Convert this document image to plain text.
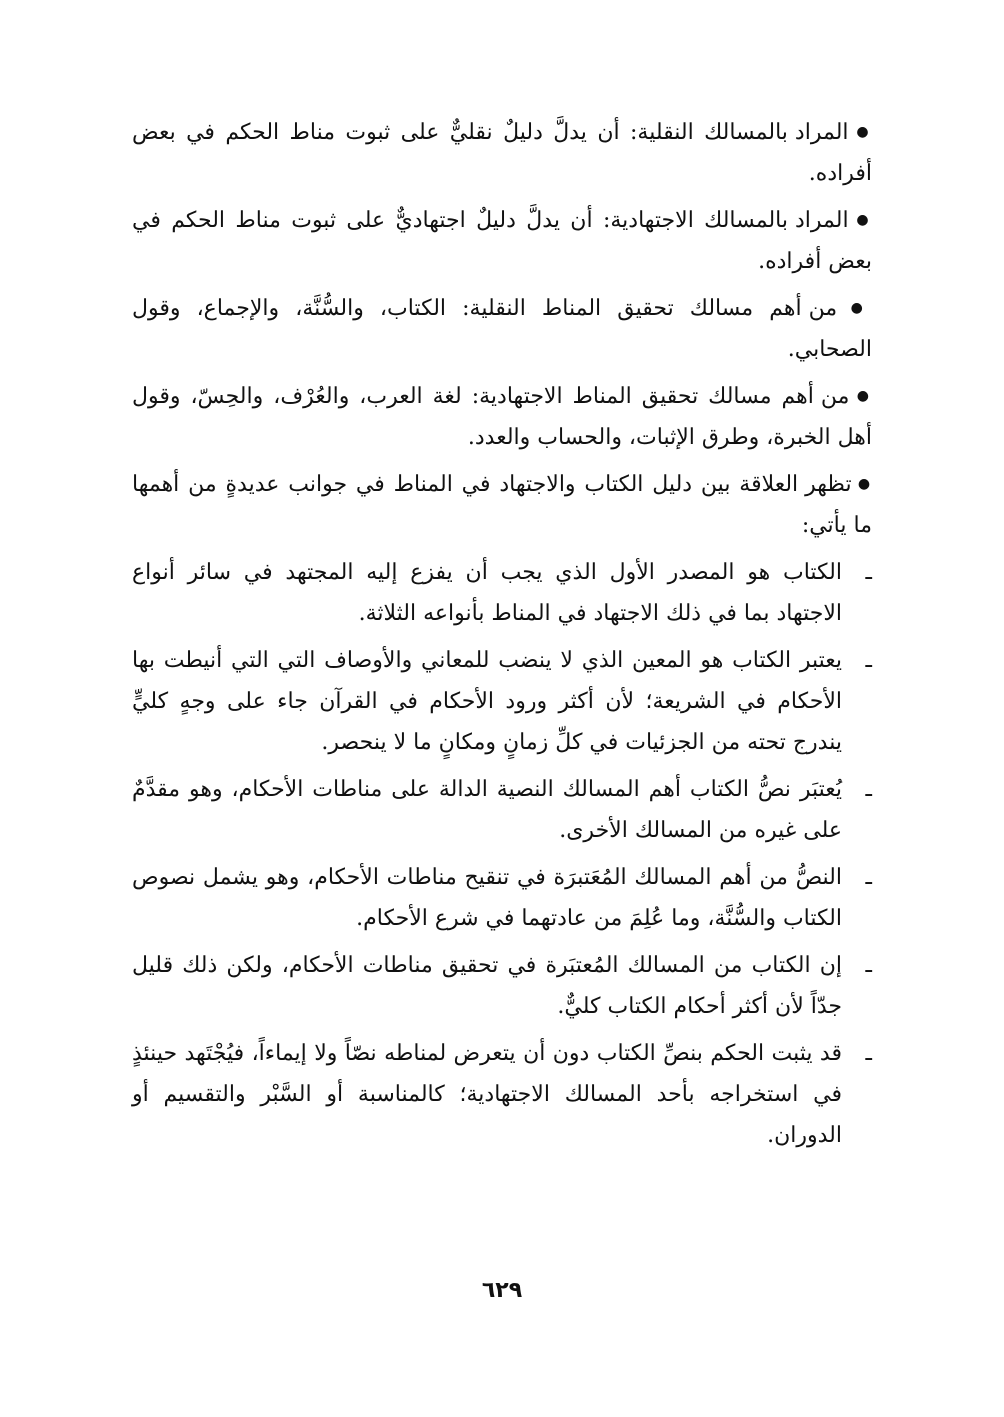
● المراد بالمسالك النقلية: أن يدلَّ دليلٌ نقليٌّ على ثبوت مناط الحكم في بعض أفراده.

● المراد بالمسالك الاجتهادية: أن يدلَّ دليلٌ اجتهاديٌّ على ثبوت مناط الحكم في بعض أفراده.

● من أهم مسالك تحقيق المناط النقلية: الكتاب، والسُّنَّة، والإجماع، وقول الصحابي.

● من أهم مسالك تحقيق المناط الاجتهادية: لغة العرب، والعُرْف، والحِسّ، وقول أهل الخبرة، وطرق الإثبات، والحساب والعدد.

● تظهر العلاقة بين دليل الكتاب والاجتهاد في المناط في جوانب عديدةٍ من أهمها ما يأتي:

ـ
الكتاب هو المصدر الأول الذي يجب أن يفزع إليه المجتهد في سائر أنواع الاجتهاد بما في ذلك الاجتهاد في المناط بأنواعه الثلاثة.
ـ
يعتبر الكتاب هو المعين الذي لا ينضب للمعاني والأوصاف التي التي أنيطت بها الأحكام في الشريعة؛ لأن أكثر ورود الأحكام في القرآن جاء على وجهٍ كليٍّ يندرج تحته من الجزئيات في كلِّ زمانٍ ومكانٍ ما لا ينحصر.
ـ
يُعتبَر نصُّ الكتاب أهم المسالك النصية الدالة على مناطات الأحكام، وهو مقدَّمٌ على غيره من المسالك الأخرى.
ـ
النصُّ من أهم المسالك المُعَتبرَة في تنقيح مناطات الأحكام، وهو يشمل نصوص الكتاب والسُّنَّة، وما عُلِمَ من عادتهما في شرع الأحكام.
ـ
إن الكتاب من المسالك المُعتبَرة في تحقيق مناطات الأحكام، ولكن ذلك قليل جدّاً لأن أكثر أحكام الكتاب كليٌّ.
ـ
قد يثبت الحكم بنصِّ الكتاب دون أن يتعرض لمناطه نصّاً ولا إيماءاً، فيُجْتَهد حينئذٍ في استخراجه بأحد المسالك الاجتهادية؛ كالمناسبة أو السَّبْر والتقسيم أو الدوران.
٦٢٩
